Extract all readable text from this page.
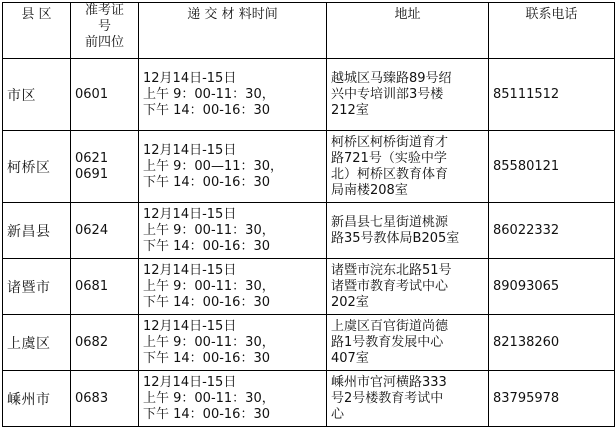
县 区	准考证
号
前四位	递 交 材 料时间	地址	联系电话
市区	0601	12月14日-15日
上午 9：00-11：30，
下午 14：00-16：30	越城区马臻路89号绍
兴中专培训部3号楼
212室	85111512
柯桥区	0621
0691	12月14日-15日
上午 9：00—11：30，
下午 14：00-16：30	柯桥区柯桥街道育才
路721号（实验中学
北）柯桥区教育体育
局南楼208室	85580121
新昌县	0624	12月14日-15日
上午 9：00-11：30，
下午 14：00-16：30	新昌县七星街道桃源
路35号教体局B205室	86022332
诸暨市	0681	12月14日-15日
上午 9：00-11：30，
下午 14：00-16：30	诸暨市浣东北路51号
诸暨市教育考试中心
202室	89093065
上虞区	0682	12月14日-15日
上午 9：00-11：30，
下午 14：00-16：30	上虞区百官街道尚德
路1号教育发展中心
407室	82138260
嵊州市	0683	12月14日-15日
上午 9：00-11：30，
下午 14：00-16：30	嵊州市官河横路333
号2号楼教育考试中
心	83795978
